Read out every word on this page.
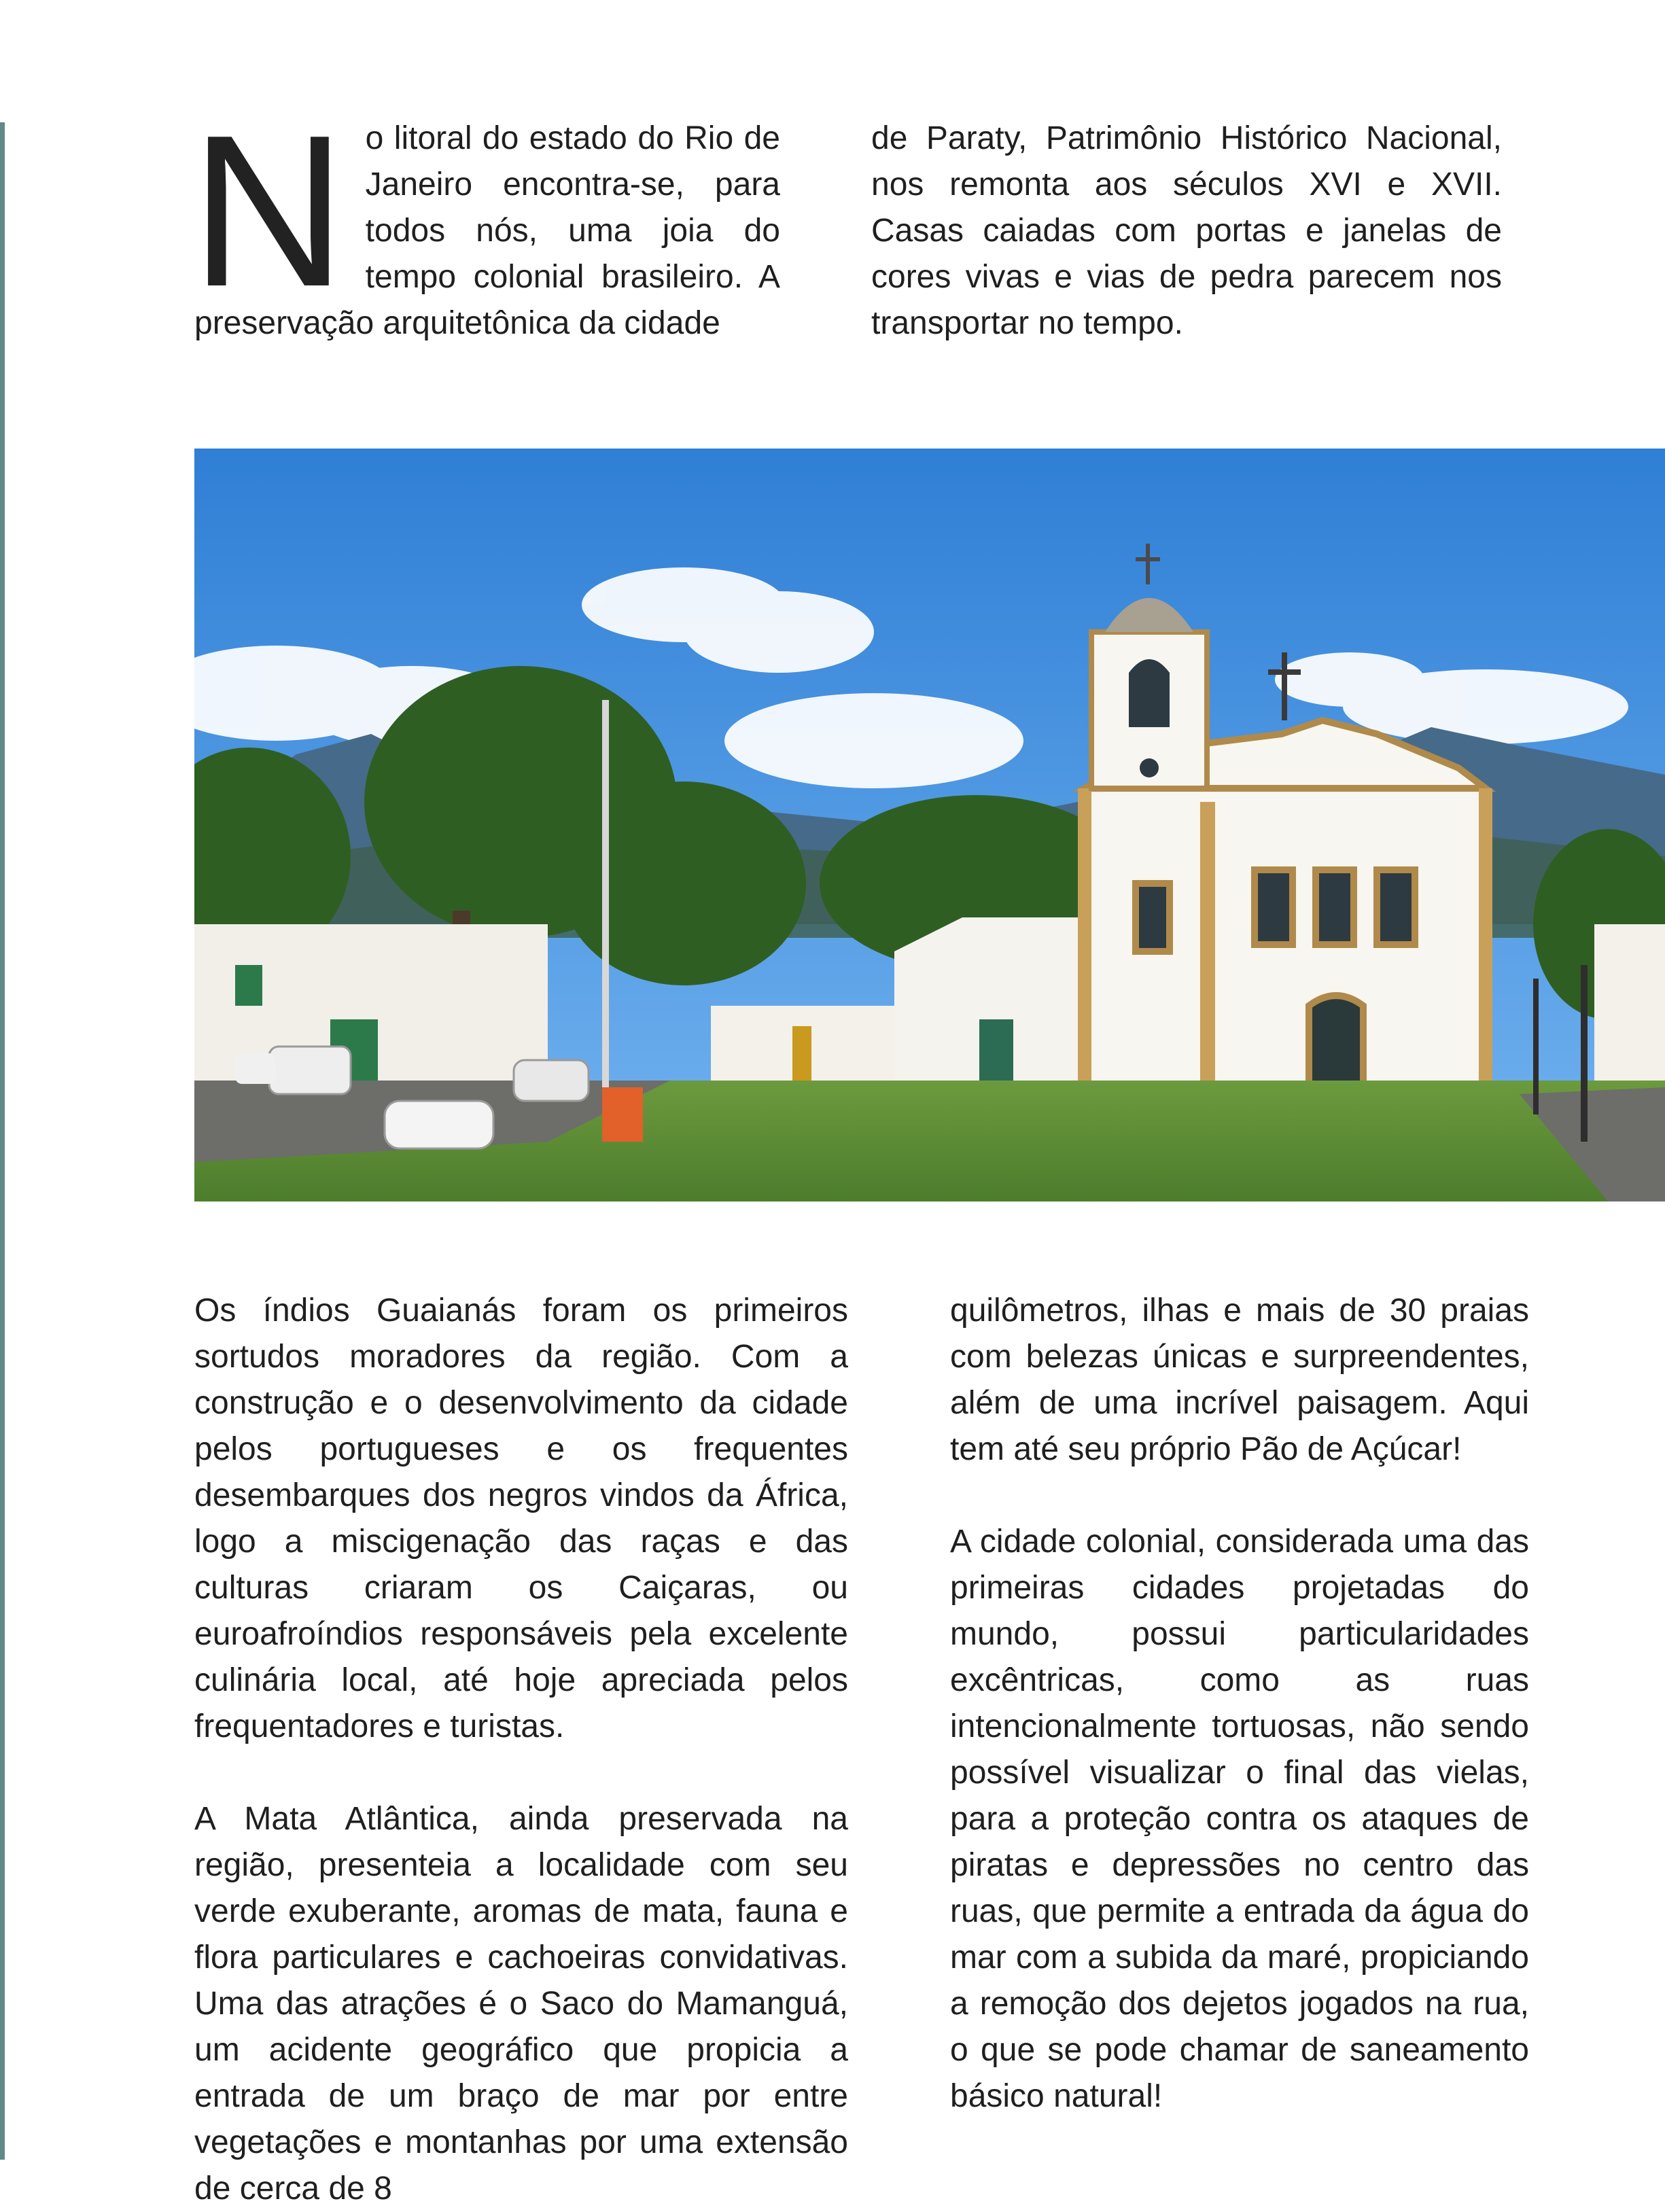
N o litoral do estado do Rio de Janeiro encontra-se, para todos nós, uma joia do tempo colonial brasileiro. A preservação arquitetônica da cidade
de Paraty, Patrimônio Histórico Nacional, nos remonta aos séculos XVI e XVII. Casas caiadas com portas e janelas de cores vivas e vias de pedra parecem nos transportar no tempo.

Os índios Guaianás foram os primeiros sortudos moradores da região. Com a construção e o desenvolvimento da cidade pelos portugueses e os frequentes desembarques dos negros vindos da África, logo a miscigenação das raças e das culturas criaram os Caiçaras, ou euroafroíndios responsáveis pela excelente culinária local, até hoje apreciada pelos frequentadores e turistas.

A Mata Atlântica, ainda preservada na região, presenteia a localidade com seu verde exuberante, aromas de mata, fauna e flora particulares e cachoeiras convidativas. Uma das atrações é o Saco do Mamanguá, um acidente geográfico que propicia a entrada de um braço de mar por entre vegetações e montanhas por uma extensão de cerca de 8

quilômetros, ilhas e mais de 30 praias com belezas únicas e surpreendentes, além de uma incrível paisagem. Aqui tem até seu próprio Pão de Açúcar!

A cidade colonial, considerada uma das primeiras cidades projetadas do mundo, possui particularidades excêntricas, como as ruas intencionalmente tortuosas, não sendo possível visualizar o final das vielas, para a proteção contra os ataques de piratas e depressões no centro das ruas, que permite a entrada da água do mar com a subida da maré, propiciando a remoção dos dejetos jogados na rua, o que se pode chamar de saneamento básico natural!
